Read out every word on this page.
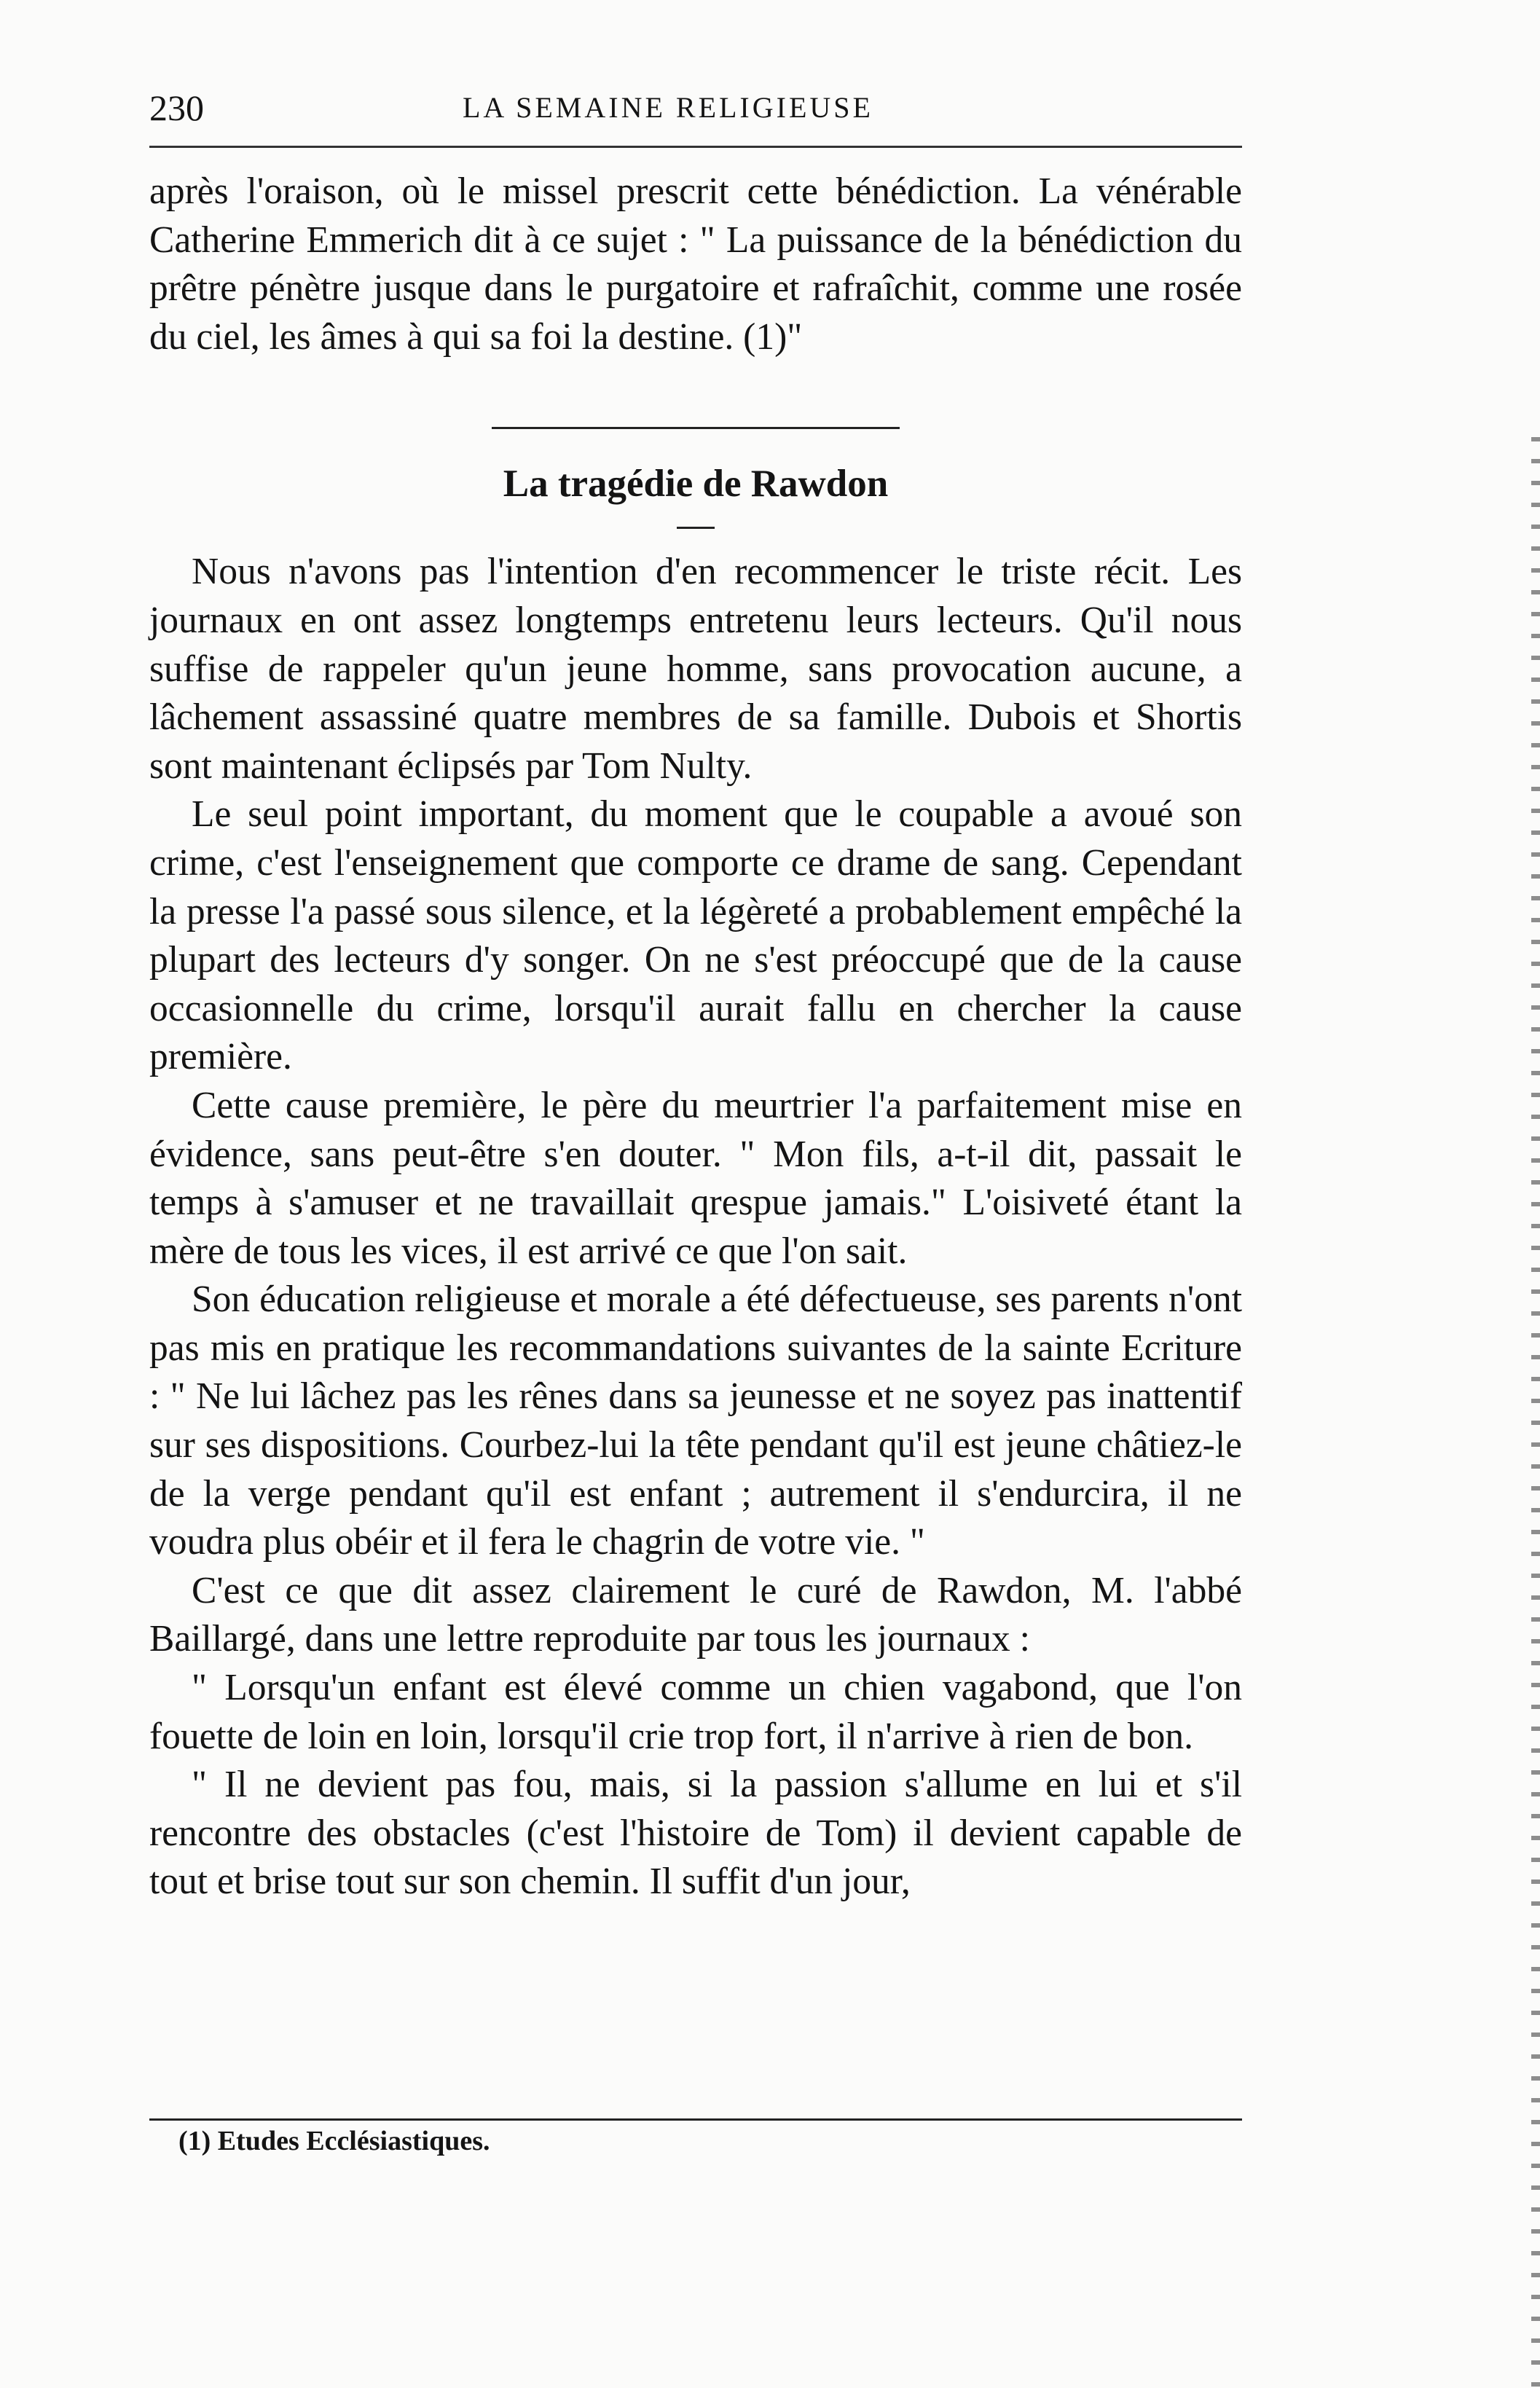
230	LA SEMAINE RELIGIEUSE

après l'oraison, où le missel prescrit cette bénédiction. La vénérable Catherine Emmerich dit à ce sujet : " La puissance de la bénédiction du prêtre pénètre jusque dans le purgatoire et rafraîchit, comme une rosée du ciel, les âmes à qui sa foi la destine. (1)"

La tragédie de Rawdon

Nous n'avons pas l'intention d'en recommencer le triste récit. Les journaux en ont assez longtemps entretenu leurs lecteurs. Qu'il nous suffise de rappeler qu'un jeune homme, sans provocation aucune, a lâchement assassiné quatre membres de sa famille. Dubois et Shortis sont maintenant éclipsés par Tom Nulty.

Le seul point important, du moment que le coupable a avoué son crime, c'est l'enseignement que comporte ce drame de sang. Cependant la presse l'a passé sous silence, et la légèreté a probablement empêché la plupart des lecteurs d'y songer. On ne s'est préoccupé que de la cause occasionnelle du crime, lorsqu'il aurait fallu en chercher la cause première.

Cette cause première, le père du meurtrier l'a parfaitement mise en évidence, sans peut-être s'en douter. " Mon fils, a-t-il dit, passait le temps à s'amuser et ne travaillait qrespue jamais." L'oisiveté étant la mère de tous les vices, il est arrivé ce que l'on sait.

Son éducation religieuse et morale a été défectueuse, ses parents n'ont pas mis en pratique les recommandations suivantes de la sainte Ecriture : " Ne lui lâchez pas les rênes dans sa jeunesse et ne soyez pas inattentif sur ses dispositions. Courbez-lui la tête pendant qu'il est jeune châtiez-le de la verge pendant qu'il est enfant ; autrement il s'endurcira, il ne voudra plus obéir et il fera le chagrin de votre vie. "

C'est ce que dit assez clairement le curé de Rawdon, M. l'abbé Baillargé, dans une lettre reproduite par tous les journaux :

" Lorsqu'un enfant est élevé comme un chien vagabond, que l'on fouette de loin en loin, lorsqu'il crie trop fort, il n'arrive à rien de bon.

" Il ne devient pas fou, mais, si la passion s'allume en lui et s'il rencontre des obstacles (c'est l'histoire de Tom) il devient capable de tout et brise tout sur son chemin. Il suffit d'un jour,

(1) Etudes Ecclésiastiques.
